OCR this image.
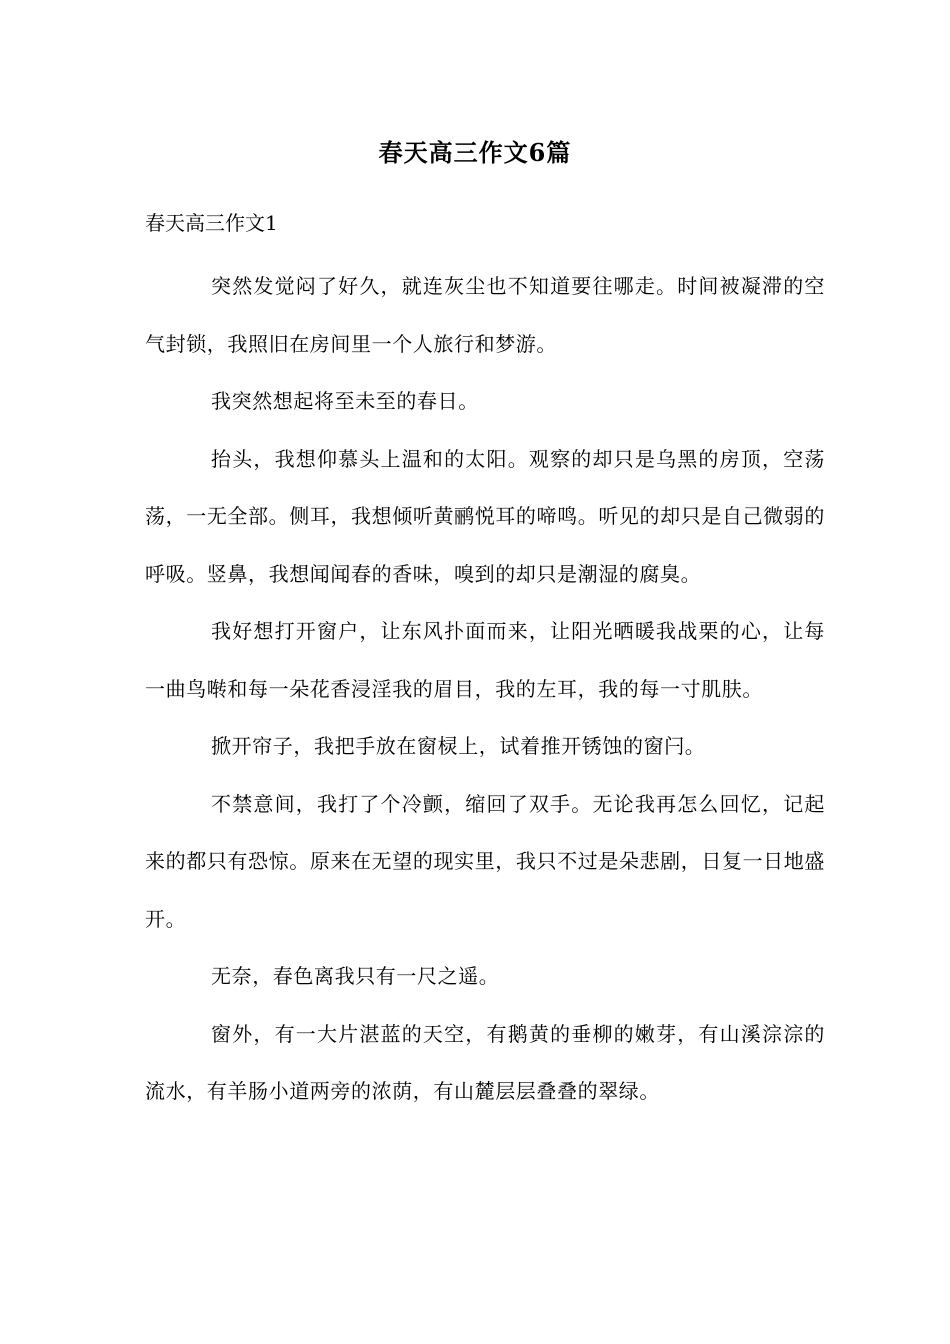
春天高三作文6篇
春天高三作文1

突然发觉闷了好久，就连灰尘也不知道要往哪走。时间被凝滞的空气封锁，我照旧在房间里一个人旅行和梦游。

我突然想起将至未至的春日。

抬头，我想仰慕头上温和的太阳。观察的却只是乌黑的房顶，空荡荡，一无全部。侧耳，我想倾听黄鹂悦耳的啼鸣。听见的却只是自己微弱的呼吸。竖鼻，我想闻闻春的香味，嗅到的却只是潮湿的腐臭。

我好想打开窗户，让东风扑面而来，让阳光晒暖我战栗的心，让每一曲鸟啭和每一朵花香浸淫我的眉目，我的左耳，我的每一寸肌肤。

掀开帘子，我把手放在窗棂上，试着推开锈蚀的窗闩。

不禁意间，我打了个冷颤，缩回了双手。无论我再怎么回忆，记起来的都只有恐惊。原来在无望的现实里，我只不过是朵悲剧，日复一日地盛开。

无奈，春色离我只有一尺之遥。

窗外，有一大片湛蓝的天空，有鹅黄的垂柳的嫩芽，有山溪淙淙的流水，有羊肠小道两旁的浓荫，有山麓层层叠叠的翠绿。
